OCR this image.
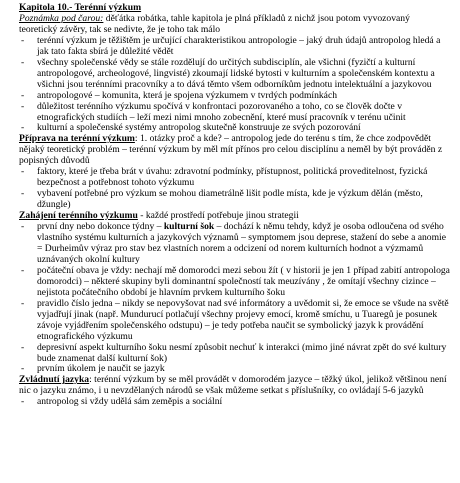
Kapitola 10.- Terénní výzkum

Poznámka pod čarou: děťátka robátka, tahle kapitola je plná příkladů z nichž jsou potom vyvozovaný teoretický závěry, tak se nedivte, že je toho tak málo

- terénní výzkum je těžištěm je určující charakteristikou antropologie – jaký druh údajů antropolog hledá a jak tato fakta sbírá je důležité vědět
- všechny společenské vědy se stále rozdělují do určitých subdisciplín, ale všichni (fyzičtí a kulturní antropologové, archeologové, lingvisté) zkoumají lidské bytosti v kulturním a společenském kontextu a všichni jsou terénními pracovníky a to dává těmto všem odborníkům jednotu intelektuální a jazykovou
- antropologové – komunita, která je spojena výzkumem v tvrdých podmínkách
- důležitost terénního výzkumu spočívá v konfrontaci pozorovaného a toho, co se člověk dočte v etnografických studiích – leží mezi nimi mnoho zobecnění, které musí pracovník v terénu učinit
- kulturní a společenské systémy antropolog skutečně konstruuje ze svých pozorování

Příprava na terénní výzkum: 1. otázky proč a kde? – antropolog jede do terénu s tím, že chce zodpovědět nějaký teoretický problém – terénní výzkum by měl mít přínos pro celou disciplínu a neměl by být prováděn z popisných důvodů

- faktory, které je třeba brát v úvahu: zdravotní podmínky, přístupnost, politická proveditelnost, fyzická bezpečnost a potřebnost tohoto výzkumu
- vybavení potřebné pro výzkum se mohou diametrálně lišit podle místa, kde je výzkum dělán (město, džungle)

Zahájení terénního výzkumu - každé prostředí potřebuje jinou strategii

- první dny nebo dokonce týdny – kulturní šok – dochází k němu tehdy, když je osoba odloučena od svého vlastního systému kulturních a jazykových významů – symptomem jsou deprese, stažení do sebe a anomie = Durheimův výraz pro stav bez vlastních norem a odcizení od norem kulturních hodnot a výzmamů uznávaných okolní kultury
- počáteční obava je vždy: nechají mě domorodci mezi sebou žít ( v historii je jen 1 případ zabití antropologa domorodci) – některé skupiny byli dominantní společností tak meuzívány , že omítají všechny cizince – nejistota počátečního období je hlavním prvkem kulturního šoku
- pravidlo číslo jedna – nikdy se nepovyšovat nad své informátory a uvědomit si, že emoce se všude na světě vyjadřují jinak (např. Mundurucí potlačují všechny projevy emocí, kromě smíchu, u Tuaregů je posunek závoje vyjádřením společenského odstupu) – je tedy potřeba naučit se symbolický jazyk k provádění etnografického výzkumu
- depresivní aspekt kulturního šoku nesmí způsobit nechuť k interakci (mimo jiné návrat zpět do své kultury bude znamenat další kulturní šok)
- prvním úkolem je naučit se jazyk

Zvládnutí jazyka: terénní výzkum by se měl provádět v domorodém jazyce – těžký úkol, jelikož většinou není nic o jazyku známo, i u nevzdělaných národů se však můžeme setkat s příslušníky, co ovládají 5-6 jazyků

- antropolog si vždy udělá sám zeměpis a sociální
